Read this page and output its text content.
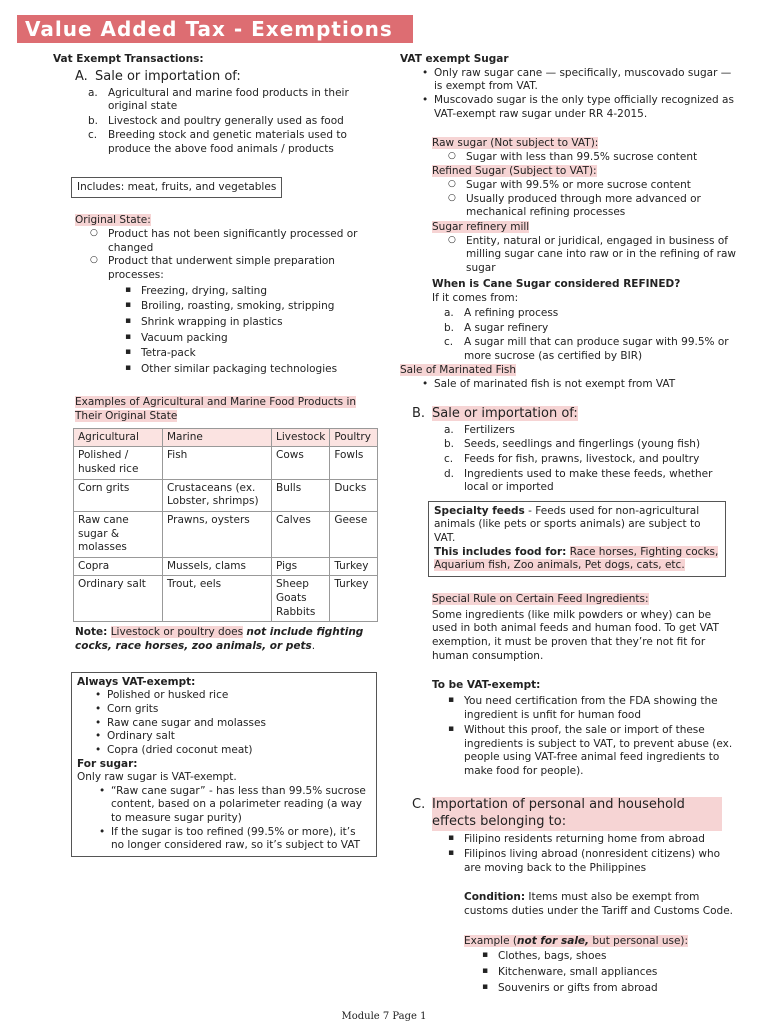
Value Added Tax - Exemptions

Vat Exempt Transactions:

A. Sale or importation of:
a. Agricultural and marine food products in their original state
b. Livestock and poultry generally used as food
c. Breeding stock and genetic materials used to produce the above food animals / products
Includes: meat, fruits, and vegetables

Original State:

○ Product has not been significantly processed or changed
○ Product that underwent simple preparation processes:
▪ Freezing, drying, salting
▪ Broiling, roasting, smoking, stripping
▪ Shrink wrapping in plastics
▪ Vacuum packing
▪ Tetra-pack
▪ Other similar packaging technologies

Examples of Agricultural and Marine Food Products in Their Original State

Agricultural	Marine	Livestock	Poultry
Polished / husked rice	Fish	Cows	Fowls
Corn grits	Crustaceans (ex. Lobster, shrimps)	Bulls	Ducks
Raw cane sugar & molasses	Prawns, oysters	Calves	Geese
Copra	Mussels, clams	Pigs	Turkey
Ordinary salt	Trout, eels	Sheep Goats Rabbits	Turkey

Note: Livestock or poultry does not include fighting cocks, race horses, zoo animals, or pets.

Always VAT-exempt:

• Polished or husked rice
• Corn grits
• Raw cane sugar and molasses
• Ordinary salt
• Copra (dried coconut meat)

For sugar:

Only raw sugar is VAT-exempt.

• “Raw cane sugar” - has less than 99.5% sucrose content, based on a polarimeter reading (a way to measure sugar purity)
• If the sugar is too refined (99.5% or more), it’s no longer considered raw, so it’s subject to VAT

VAT exempt Sugar

• Only raw sugar cane — specifically, muscovado sugar — is exempt from VAT.
• Muscovado sugar is the only type officially recognized as VAT-exempt raw sugar under RR 4-2015.

Raw sugar (Not subject to VAT):

○ Sugar with less than 99.5% sucrose content

Refined Sugar (Subject to VAT):

○ Sugar with 99.5% or more sucrose content
○ Usually produced through more advanced or mechanical refining processes

Sugar refinery mill

○ Entity, natural or juridical, engaged in business of milling sugar cane into raw or in the refining of raw sugar

When is Cane Sugar considered REFINED?

If it comes from:

a. A refining process
b. A sugar refinery
c. A sugar mill that can produce sugar with 99.5% or more sucrose (as certified by BIR)

Sale of Marinated Fish

• Sale of marinated fish is not exempt from VAT
B. Sale or importation of:
a. Fertilizers
b. Seeds, seedlings and fingerlings (young fish)
c. Feeds for fish, prawns, livestock, and poultry
d. Ingredients used to make these feeds, whether local or imported
Specialty feeds - Feeds used for non-agricultural animals (like pets or sports animals) are subject to VAT.
This includes food for: Race horses, Fighting cocks, Aquarium fish, Zoo animals, Pet dogs, cats, etc.

Special Rule on Certain Feed Ingredients:

Some ingredients (like milk powders or whey) can be used in both animal feeds and human food. To get VAT exemption, it must be proven that they’re not fit for human consumption.

To be VAT-exempt:

▪ You need certification from the FDA showing the ingredient is unfit for human food
▪ Without this proof, the sale or import of these ingredients is subject to VAT, to prevent abuse (ex. people using VAT-free animal feed ingredients to make food for people).
C. Importation of personal and household effects belonging to:
▪ Filipino residents returning home from abroad
▪ Filipinos living abroad (nonresident citizens) who are moving back to the Philippines

Condition: Items must also be exempt from customs duties under the Tariff and Customs Code.

Example (not for sale, but personal use):

▪ Clothes, bags, shoes
▪ Kitchenware, small appliances
▪ Souvenirs or gifts from abroad
Module 7 Page 1
